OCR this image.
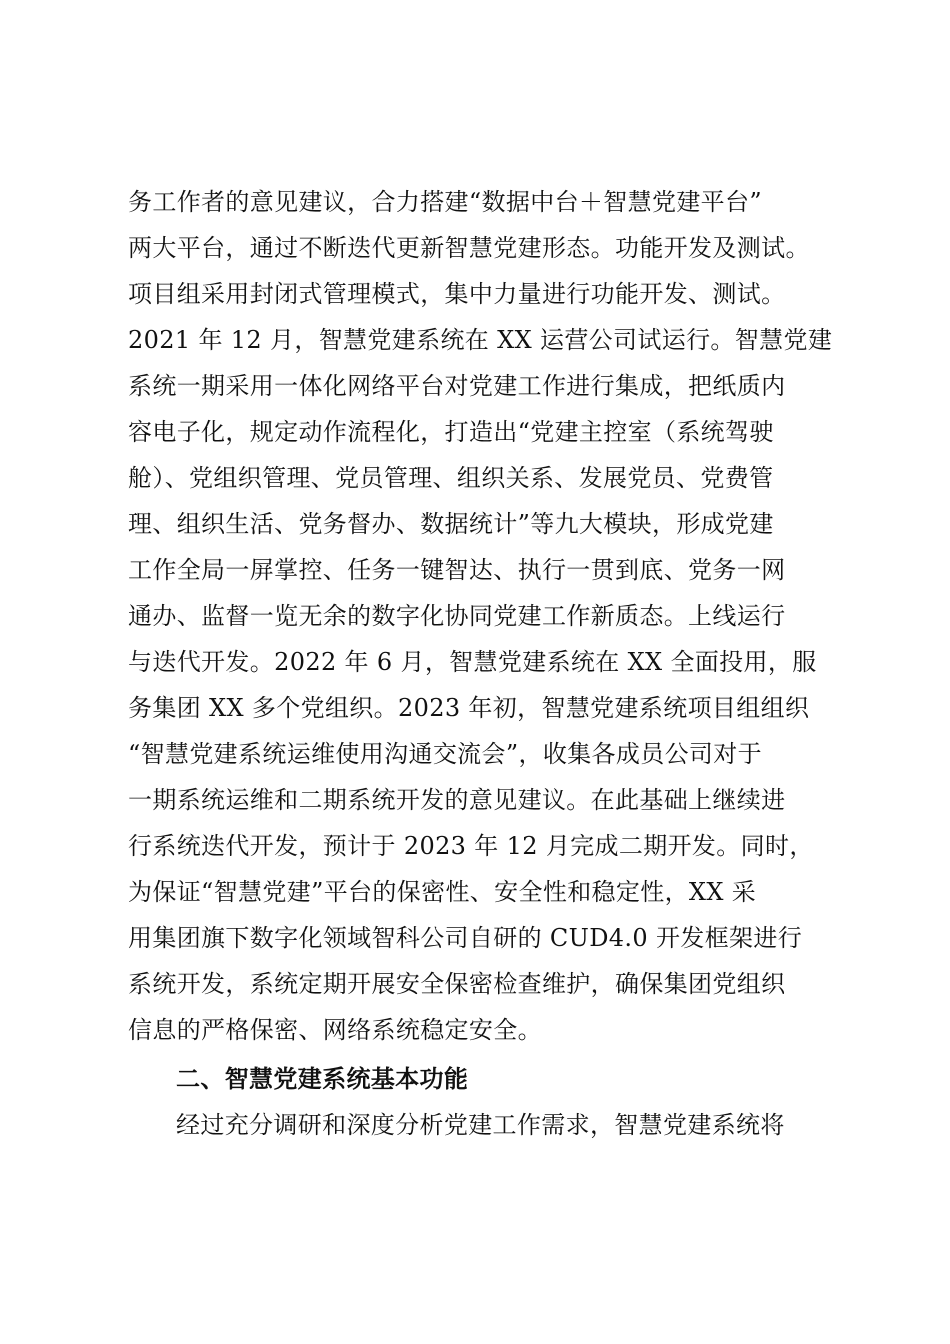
务工作者的意见建议，合力搭建“数据中台＋智慧党建平台”
两大平台，通过不断迭代更新智慧党建形态。功能开发及测试。
项目组采用封闭式管理模式，集中力量进行功能开发、测试。
2021 年 12 月，智慧党建系统在 XX 运营公司试运行。智慧党建
系统一期采用一体化网络平台对党建工作进行集成，把纸质内
容电子化，规定动作流程化，打造出“党建主控室（系统驾驶
舱）、党组织管理、党员管理、组织关系、发展党员、党费管
理、组织生活、党务督办、数据统计”等九大模块，形成党建
工作全局一屏掌控、任务一键智达、执行一贯到底、党务一网
通办、监督一览无余的数字化协同党建工作新质态。上线运行
与迭代开发。2022 年 6 月，智慧党建系统在 XX 全面投用，服
务集团 XX 多个党组织。2023 年初，智慧党建系统项目组组织
“智慧党建系统运维使用沟通交流会”，收集各成员公司对于
一期系统运维和二期系统开发的意见建议。在此基础上继续进
行系统迭代开发，预计于 2023 年 12 月完成二期开发。同时，
为保证“智慧党建”平台的保密性、安全性和稳定性，XX 采
用集团旗下数字化领域智科公司自研的 CUD4.0 开发框架进行
系统开发，系统定期开展安全保密检查维护，确保集团党组织
信息的严格保密、网络系统稳定安全。
二、智慧党建系统基本功能
经过充分调研和深度分析党建工作需求，智慧党建系统将
